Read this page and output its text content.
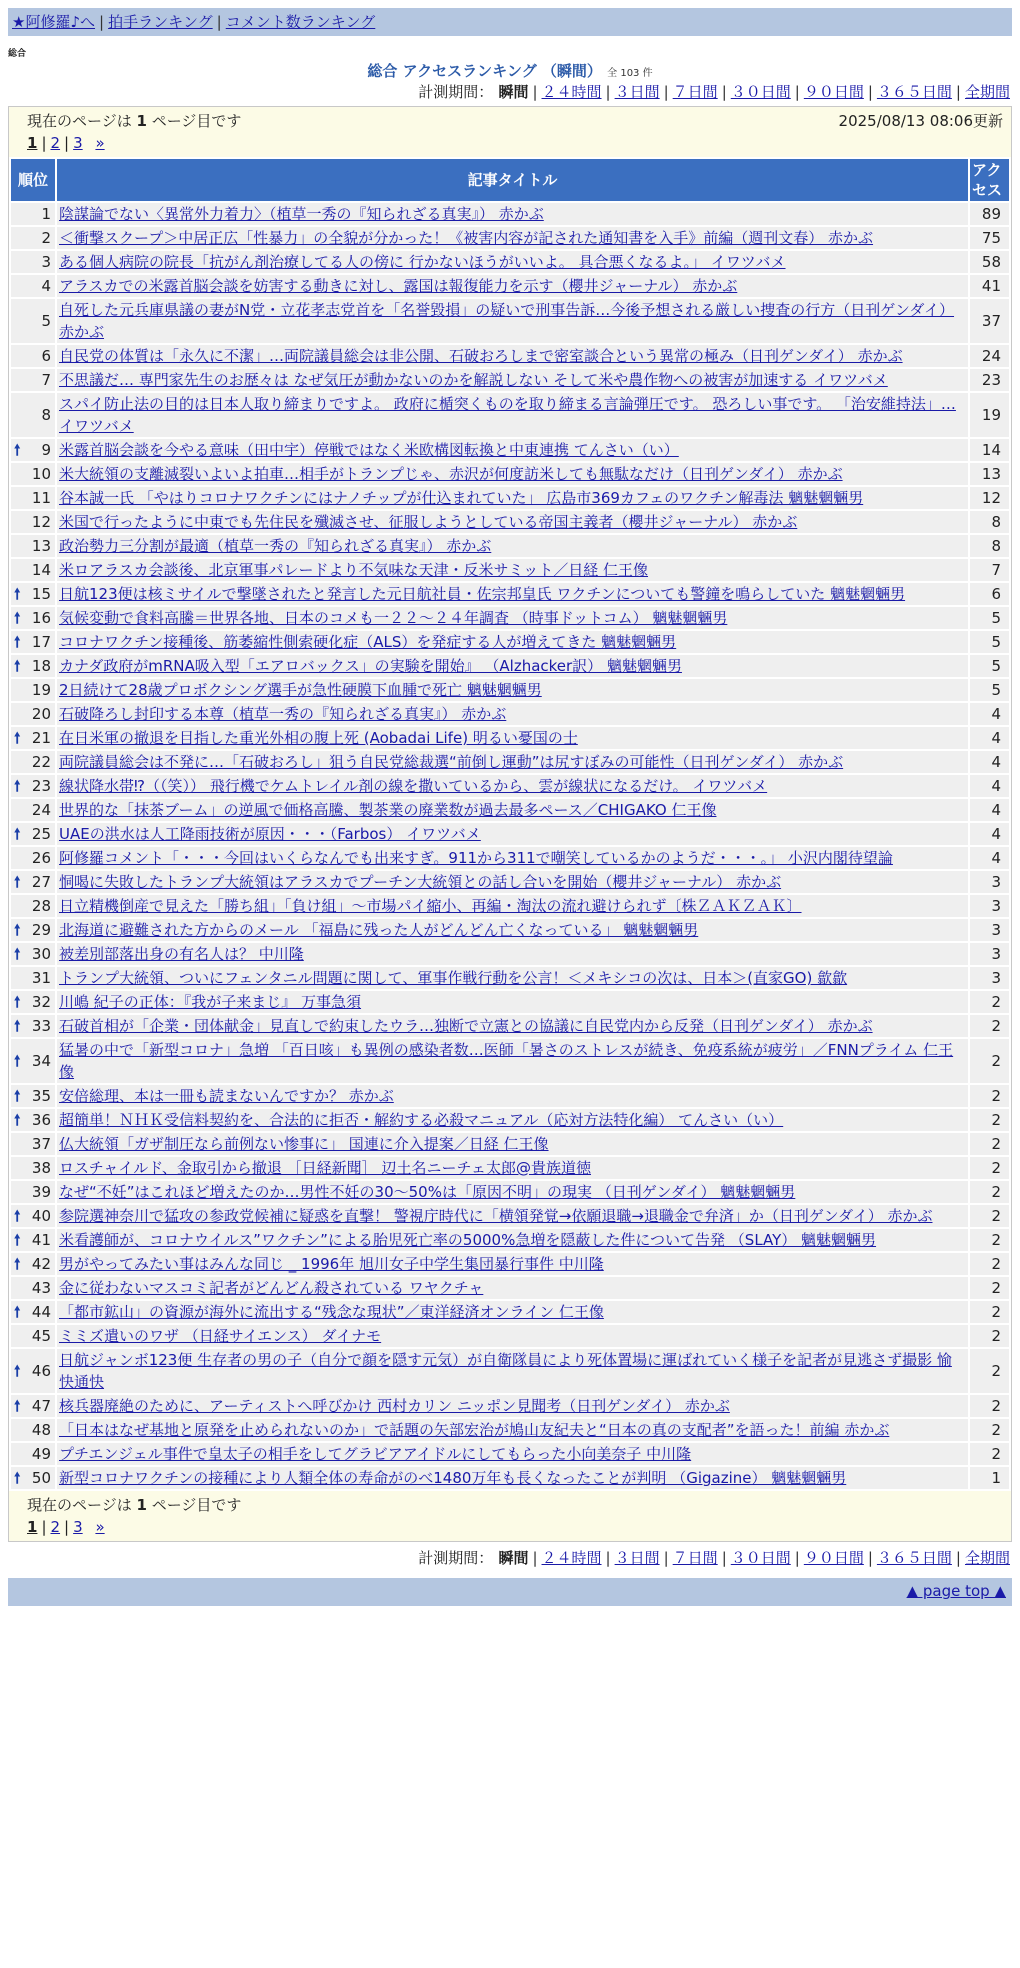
★阿修羅♪へ | 拍手ランキング | コメント数ランキング
総合
総合 アクセスランキング （瞬間） 全 103 件
計測期間： 瞬間 | ２４時間 | ３日間 | ７日間 | ３０日間 | ９０日間 | ３６５日間 | 全期間
現在のページは 1 ページ目です	2025/08/13 08:06更新
1 | 2 | 3 »
順位	記事タイトル	アクセス
1	陰謀論でない〈異常外力着力〉（植草一秀の『知られざる真実』） 赤かぶ	89
2	＜衝撃スクープ＞中居正広「性暴力」の全貌が分かった！《被害内容が記された通知書を入手》前編（週刊文春） 赤かぶ	75
3	ある個人病院の院長「抗がん剤治療してる人の傍に 行かないほうがいいよ。 具合悪くなるよ。」 イワツバメ	58
4	アラスカでの米露首脳会談を妨害する動きに対し、露国は報復能力を示す（櫻井ジャーナル） 赤かぶ	41
5	自死した元兵庫県議の妻がN党・立花孝志党首を「名誉毀損」の疑いで刑事告訴…今後予想される厳しい捜査の行方（日刊ゲンダイ） 赤かぶ	37
6	自民党の体質は「永久に不潔」…両院議員総会は非公開、石破おろしまで密室談合という異常の極み（日刊ゲンダイ） 赤かぶ	24
7	不思議だ… 専門家先生のお歴々は なぜ気圧が動かないのかを解説しない そして米や農作物への被害が加速する イワツバメ	23
8	スパイ防止法の目的は日本人取り締まりですよ。 政府に楯突くものを取り締まる言論弾圧です。 恐ろしい事です。 「治安維持法」… イワツバメ	19

🠕 9	米露首脳会談を今やる意味（田中宇）停戦ではなく米欧構図転換と中東連携 てんさい（い）	14
10	米大統領の支離滅裂いよいよ拍車…相手がトランプじゃ、赤沢が何度訪米しても無駄なだけ（日刊ゲンダイ） 赤かぶ	13
11	谷本誠一氏 「やはりコロナワクチンにはナノチップが仕込まれていた」 広島市369カフェのワクチン解毒法 魑魅魍魎男	12
12	米国で行ったように中東でも先住民を殲滅させ、征服しようとしている帝国主義者（櫻井ジャーナル） 赤かぶ	8
13	政治勢力三分割が最適（植草一秀の『知られざる真実』） 赤かぶ	8
14	米ロアラスカ会談後、北京軍事パレードより不気味な天津・反米サミット／日経 仁王像	7

🠕 15	日航123便は核ミサイルで撃墜されたと発言した元日航社員・佐宗邦皇氏 ワクチンについても警鐘を鳴らしていた 魑魅魍魎男	6

🠕 16	気候変動で食料高騰＝世界各地、日本のコメも一２２～２４年調査 （時事ドットコム） 魑魅魍魎男	5

🠕 17	コロナワクチン接種後、筋萎縮性側索硬化症（ALS）を発症する人が増えてきた 魑魅魍魎男	5

🠕 18	カナダ政府がmRNA吸入型「エアロバックス」の実験を開始』 （Alzhacker訳） 魑魅魍魎男	5
19	2日続けて28歳プロボクシング選手が急性硬膜下血腫で死亡 魑魅魍魎男	5
20	石破降ろし封印する本尊（植草一秀の『知られざる真実』） 赤かぶ	4

🠕 21	在日米軍の撤退を目指した重光外相の腹上死 (Aobadai Life) 明るい憂国の士	4
22	両院議員総会は不発に…「石破おろし」狙う自民党総裁選“前倒し運動”は尻すぼみの可能性（日刊ゲンダイ） 赤かぶ	4

🠕 23	線状降水帯⁉（（笑）） 飛行機でケムトレイル剤の線を撒いているから、雲が線状になるだけ。 イワツバメ	4
24	世界的な「抹茶ブーム」の逆風で価格高騰、製茶業の廃業数が過去最多ペース／CHIGAKO 仁王像	4

🠕 25	UAEの洪水は人工降雨技術が原因・・・（Farbos） イワツバメ	4
26	阿修羅コメント「・・・今回はいくらなんでも出来すぎ。911から311で嘲笑しているかのようだ・・・。」 小沢内閣待望論	4

🠕 27	恫喝に失敗したトランプ大統領はアラスカでプーチン大統領との話し合いを開始（櫻井ジャーナル） 赤かぶ	3
28	日立精機倒産で見えた「勝ち組」「負け組」～市場パイ縮小、再編・淘汰の流れ避けられず〔株ＺＡＫＺＡＫ〕	3

🠕 29	北海道に避難された方からのメール 「福島に残った人がどんどん亡くなっている」 魑魅魍魎男	3

🠕 30	被差別部落出身の有名人は？ 中川隆	3
31	トランプ大統領、ついにフェンタニル問題に関して、軍事作戦行動を公言！＜メキシコの次は、日本＞(直家GO) 歙歙	3

🠕 32	川嶋 紀子の正体：『我が子来まじ』 万事急須	2

🠕 33	石破首相が「企業・団体献金」見直しで約束したウラ…独断で立憲との協議に自民党内から反発（日刊ゲンダイ） 赤かぶ	2

🠕 34	猛暑の中で「新型コロナ」急増 「百日咳」も異例の感染者数…医師「暑さのストレスが続き、免疫系統が疲労」／FNNプライム 仁王像	2

🠕 35	安倍総理、本は一冊も読まないんですか？ 赤かぶ	2

🠕 36	超簡単！ＮＨＫ受信料契約を、合法的に拒否・解約する必殺マニュアル（応対方法特化編） てんさい（い）	2
37	仏大統領「ガザ制圧なら前例ない惨事に」 国連に介入提案／日経 仁王像	2
38	ロスチャイルド、金取引から撤退 ［日経新聞］ 辺土名ニーチェ太郎@貴族道徳	2
39	なぜ“不妊”はこれほど増えたのか…男性不妊の30～50%は「原因不明」の現実 （日刊ゲンダイ） 魑魅魍魎男	2

🠕 40	参院選神奈川で猛攻の参政党候補に疑惑を直撃！ 警視庁時代に「横領発覚→依願退職→退職金で弁済」か（日刊ゲンダイ） 赤かぶ	2

🠕 41	米看護師が、コロナウイルス”ワクチン”による胎児死亡率の5000%急増を隠蔽した件について告発 （SLAY） 魑魅魍魎男	2

🠕 42	男がやってみたい事はみんな同じ _ 1996年 旭川女子中学生集団暴行事件 中川隆	2
43	金に従わないマスコミ記者がどんどん殺されている ワヤクチャ	2

🠕 44	「都市鉱山」の資源が海外に流出する“残念な現状”／東洋経済オンライン 仁王像	2
45	ミミズ遣いのワザ （日経サイエンス） ダイナモ	2

🠕 46	日航ジャンボ123便 生存者の男の子（自分で顔を隠す元気）が自衛隊員により死体置場に運ばれていく様子を記者が見逃さず撮影 愉快通快	2

🠕 47	核兵器廃絶のために、アーティストへ呼びかけ 西村カリン ニッポン見聞考（日刊ゲンダイ） 赤かぶ	2
48	「日本はなぜ基地と原発を止められないのか」で話題の矢部宏治が鳩山友紀夫と“日本の真の支配者”を語った！前編 赤かぶ	2
49	プチエンジェル事件で皇太子の相手をしてグラビアアイドルにしてもらった小向美奈子 中川隆	2

🠕 50	新型コロナワクチンの接種により人類全体の寿命がのべ1480万年も長くなったことが判明 （Gigazine） 魑魅魍魎男	1
現在のページは 1 ページ目です
1 | 2 | 3 »
計測期間： 瞬間 | ２４時間 | ３日間 | ７日間 | ３０日間 | ９０日間 | ３６５日間 | 全期間
▲ page top ▲
